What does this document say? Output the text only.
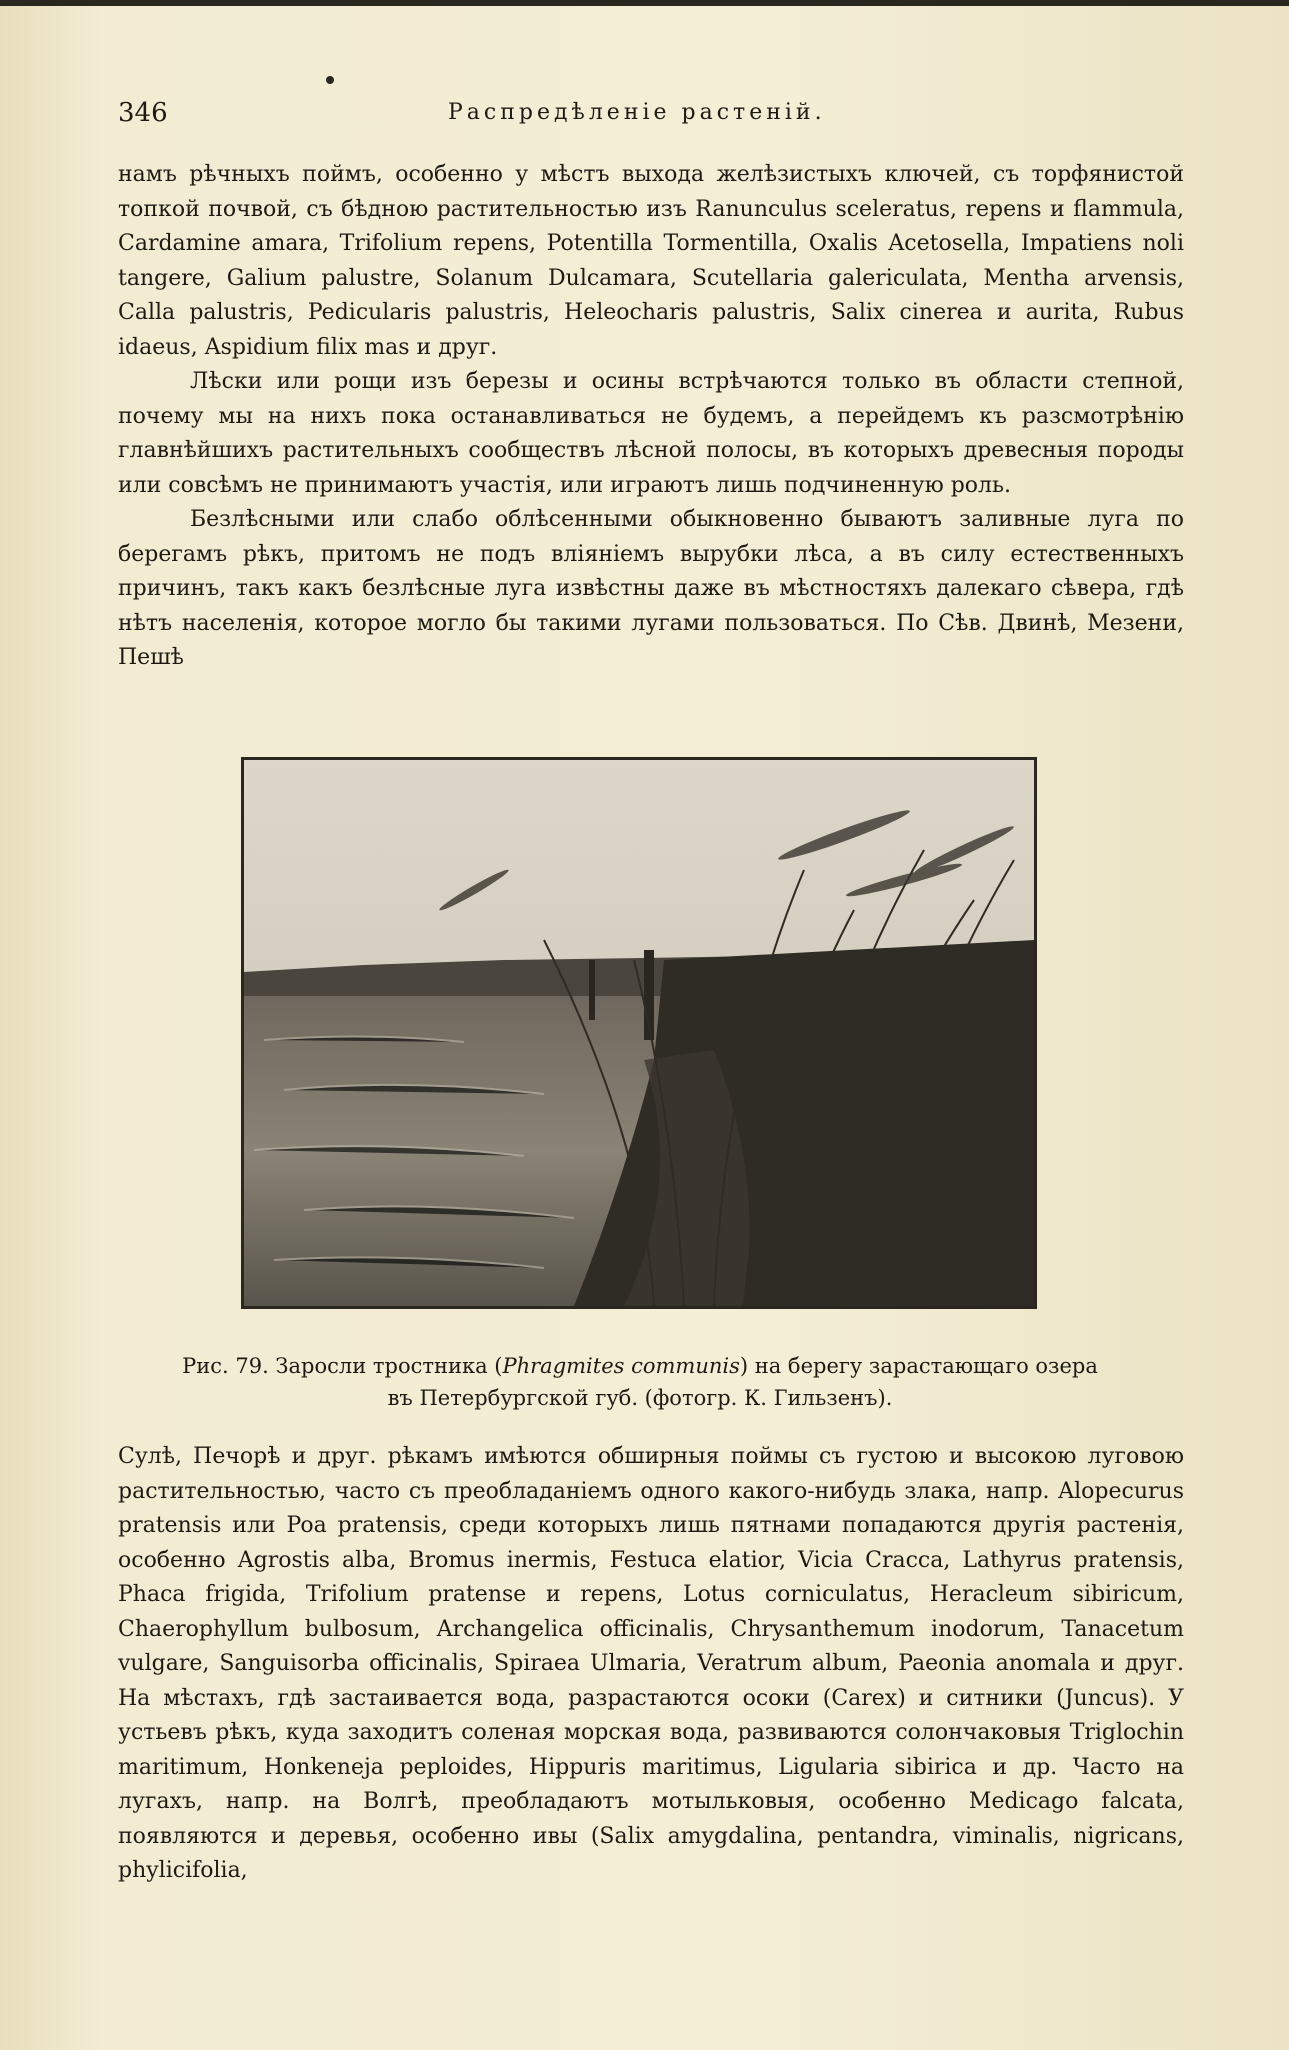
346	Распредѣленіе растеній.

намъ рѣчныхъ поймъ, особенно у мѣстъ выхода желѣзистыхъ ключей, съ торфянистой топкой почвой, съ бѣдною растительностью изъ Ranunculus sceleratus, repens и flammula, Cardamine amara, Trifolium repens, Potentilla Tormentilla, Oxalis Acetosella, Impatiens noli tangere, Galium palustre, Solanum Dulcamara, Scutellaria galericulata, Mentha arvensis, Calla palustris, Pedicularis palustris, Heleocharis palustris, Salix cinerea и aurita, Rubus idaeus, Aspidium filix mas и друг.

Лѣски или рощи изъ березы и осины встрѣчаются только въ области степной, почему мы на нихъ пока останавливаться не будемъ, а перейдемъ къ разсмотрѣнію главнѣйшихъ растительныхъ сообществъ лѣсной полосы, въ которыхъ древесныя породы или совсѣмъ не принимаютъ участія, или играютъ лишь подчиненную роль.

Безлѣсными или слабо облѣсенными обыкновенно бываютъ заливные луга по берегамъ рѣкъ, притомъ не подъ вліяніемъ вырубки лѣса, а въ силу естественныхъ причинъ, такъ какъ безлѣсные луга извѣстны даже въ мѣстностяхъ далекаго сѣвера, гдѣ нѣтъ населенія, которое могло бы такими лугами пользоваться. По Сѣв. Двинѣ, Мезени, Пешѣ

Рис. 79. Заросли тростника (Phragmites communis) на берегу зарастающаго озера въ Петербургской губ. (фотогр. К. Гильзенъ).

Сулѣ, Печорѣ и друг. рѣкамъ имѣются обширныя поймы съ густою и высокою луговою растительностью, часто съ преобладаніемъ одного какого-нибудь злака, напр. Alopecurus pratensis или Poa pratensis, среди которыхъ лишь пятнами попадаются другія растенія, особенно Agrostis alba, Bromus inermis, Festuca elatior, Vicia Cracca, Lathyrus pratensis, Phaca frigida, Trifolium pratense и repens, Lotus corniculatus, Heracleum sibiricum, Chaerophyllum bulbosum, Archangelica officinalis, Chrysanthemum inodorum, Tanacetum vulgare, Sanguisorba officinalis, Spiraea Ulmaria, Veratrum album, Paeonia anomala и друг. На мѣстахъ, гдѣ застаивается вода, разрастаются осоки (Carex) и ситники (Juncus). У устьевъ рѣкъ, куда заходитъ соленая морская вода, развиваются солончаковыя Triglochin maritimum, Honkeneja peploides, Hippuris maritimus, Ligularia sibirica и др. Часто на лугахъ, напр. на Волгѣ, преобладаютъ мотыльковыя, особенно Medicago falcata, появляются и деревья, особенно ивы (Salix amygdalina, pentandra, viminalis, nigricans, phylicifolia,
